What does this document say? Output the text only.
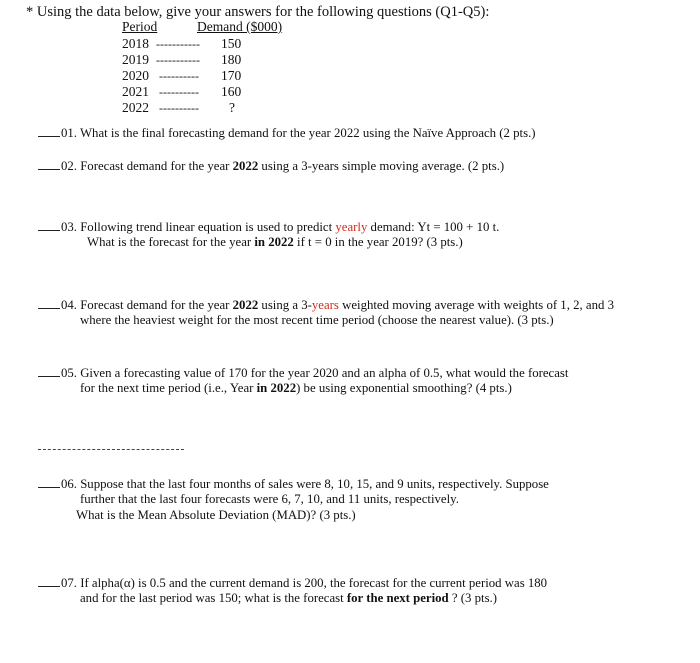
* Using the data below, give your answers for the following questions (Q1-Q5):
Period	Demand ($000)
2018 ----------- 150
2019 ----------- 180
2020 ---------- 170
2021 ---------- 160
2022 ---------- ?
01. What is the final forecasting demand for the year 2022 using the Naïve Approach (2 pts.)
02. Forecast demand for the year 2022 using a 3-years simple moving average. (2 pts.)
03. Following trend linear equation is used to predict yearly demand: Yt = 100 + 10 t.
What is the forecast for the year in 2022 if t = 0 in the year 2019? (3 pts.)
04. Forecast demand for the year 2022 using a 3-years weighted moving average with weights of 1, 2, and 3
where the heaviest weight for the most recent time period (choose the nearest value). (3 pts.)
05. Given a forecasting value of 170 for the year 2020 and an alpha of 0.5, what would the forecast
for the next time period (i.e., Year in 2022) be using exponential smoothing? (4 pts.)
06. Suppose that the last four months of sales were 8, 10, 15, and 9 units, respectively. Suppose
further that the last four forecasts were 6, 7, 10, and 11 units, respectively.
What is the Mean Absolute Deviation (MAD)? (3 pts.)
07. If alpha(α) is 0.5 and the current demand is 200, the forecast for the current period was 180
and for the last period was 150; what is the forecast for the next period ? (3 pts.)
